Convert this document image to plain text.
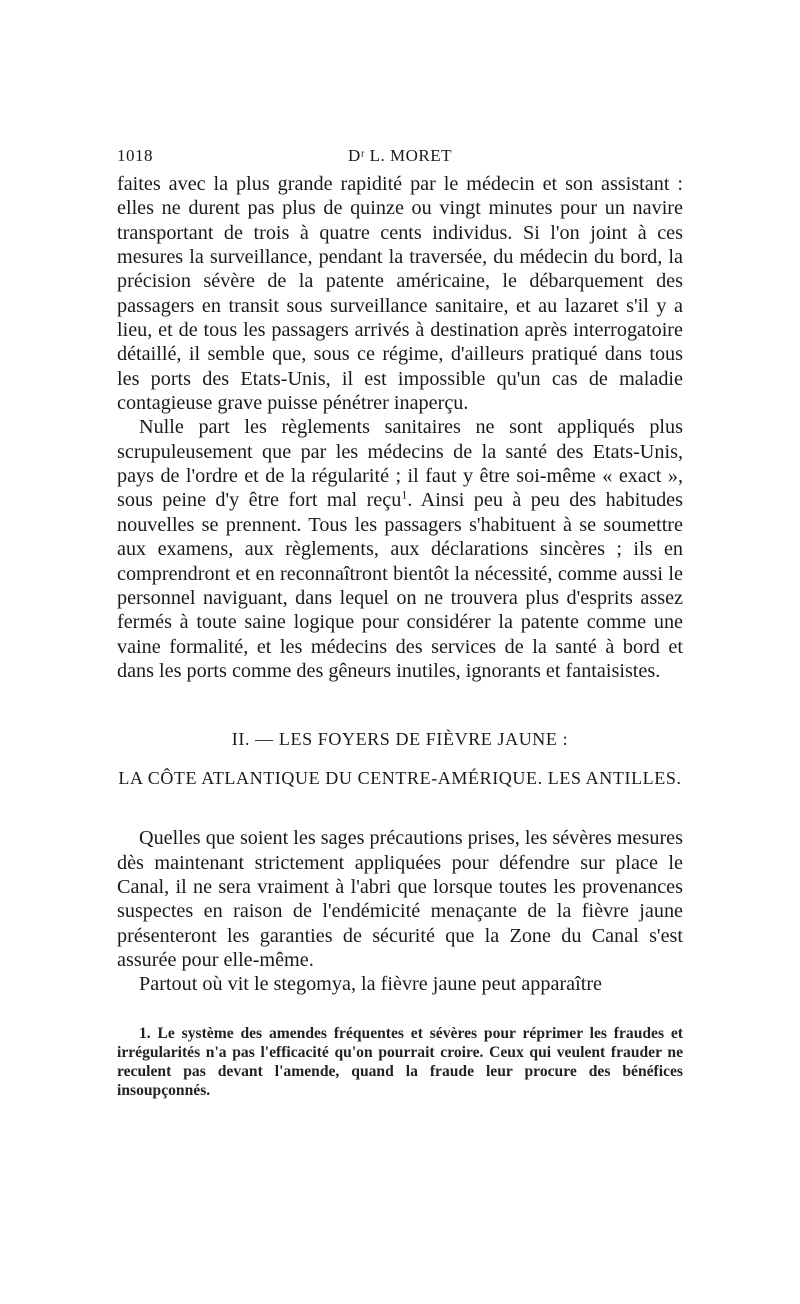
1018	Dʳ L. MORET

faites avec la plus grande rapidité par le médecin et son assistant : elles ne durent pas plus de quinze ou vingt minutes pour un navire transportant de trois à quatre cents individus. Si l'on joint à ces mesures la surveillance, pendant la traversée, du médecin du bord, la précision sévère de la patente américaine, le débarquement des passagers en transit sous surveillance sanitaire, et au lazaret s'il y a lieu, et de tous les passagers arrivés à destination après interrogatoire détaillé, il semble que, sous ce régime, d'ailleurs pratiqué dans tous les ports des Etats-Unis, il est impossible qu'un cas de maladie contagieuse grave puisse pénétrer inaperçu.

Nulle part les règlements sanitaires ne sont appliqués plus scrupuleusement que par les médecins de la santé des Etats-Unis, pays de l'ordre et de la régularité ; il faut y être soi-même « exact », sous peine d'y être fort mal reçu$^1$. Ainsi peu à peu des habitudes nouvelles se prennent. Tous les passagers s'habituent à se soumettre aux examens, aux règlements, aux déclarations sincères ; ils en comprendront et en reconnaîtront bientôt la nécessité, comme aussi le personnel naviguant, dans lequel on ne trouvera plus d'esprits assez fermés à toute saine logique pour considérer la patente comme une vaine formalité, et les médecins des services de la santé à bord et dans les ports comme des gêneurs inutiles, ignorants et fantaisistes.

II. — LES FOYERS DE FIÈVRE JAUNE :
LA CÔTE ATLANTIQUE DU CENTRE-AMÉRIQUE. LES ANTILLES.

Quelles que soient les sages précautions prises, les sévères mesures dès maintenant strictement appliquées pour défendre sur place le Canal, il ne sera vraiment à l'abri que lorsque toutes les provenances suspectes en raison de l'endémicité menaçante de la fièvre jaune présenteront les garanties de sécurité que la Zone du Canal s'est assurée pour elle-même.

Partout où vit le stegomya, la fièvre jaune peut apparaître

1. Le système des amendes fréquentes et sévères pour réprimer les fraudes et irrégularités n'a pas l'efficacité qu'on pourrait croire. Ceux qui veulent frauder ne reculent pas devant l'amende, quand la fraude leur procure des bénéfices insoupçonnés.
